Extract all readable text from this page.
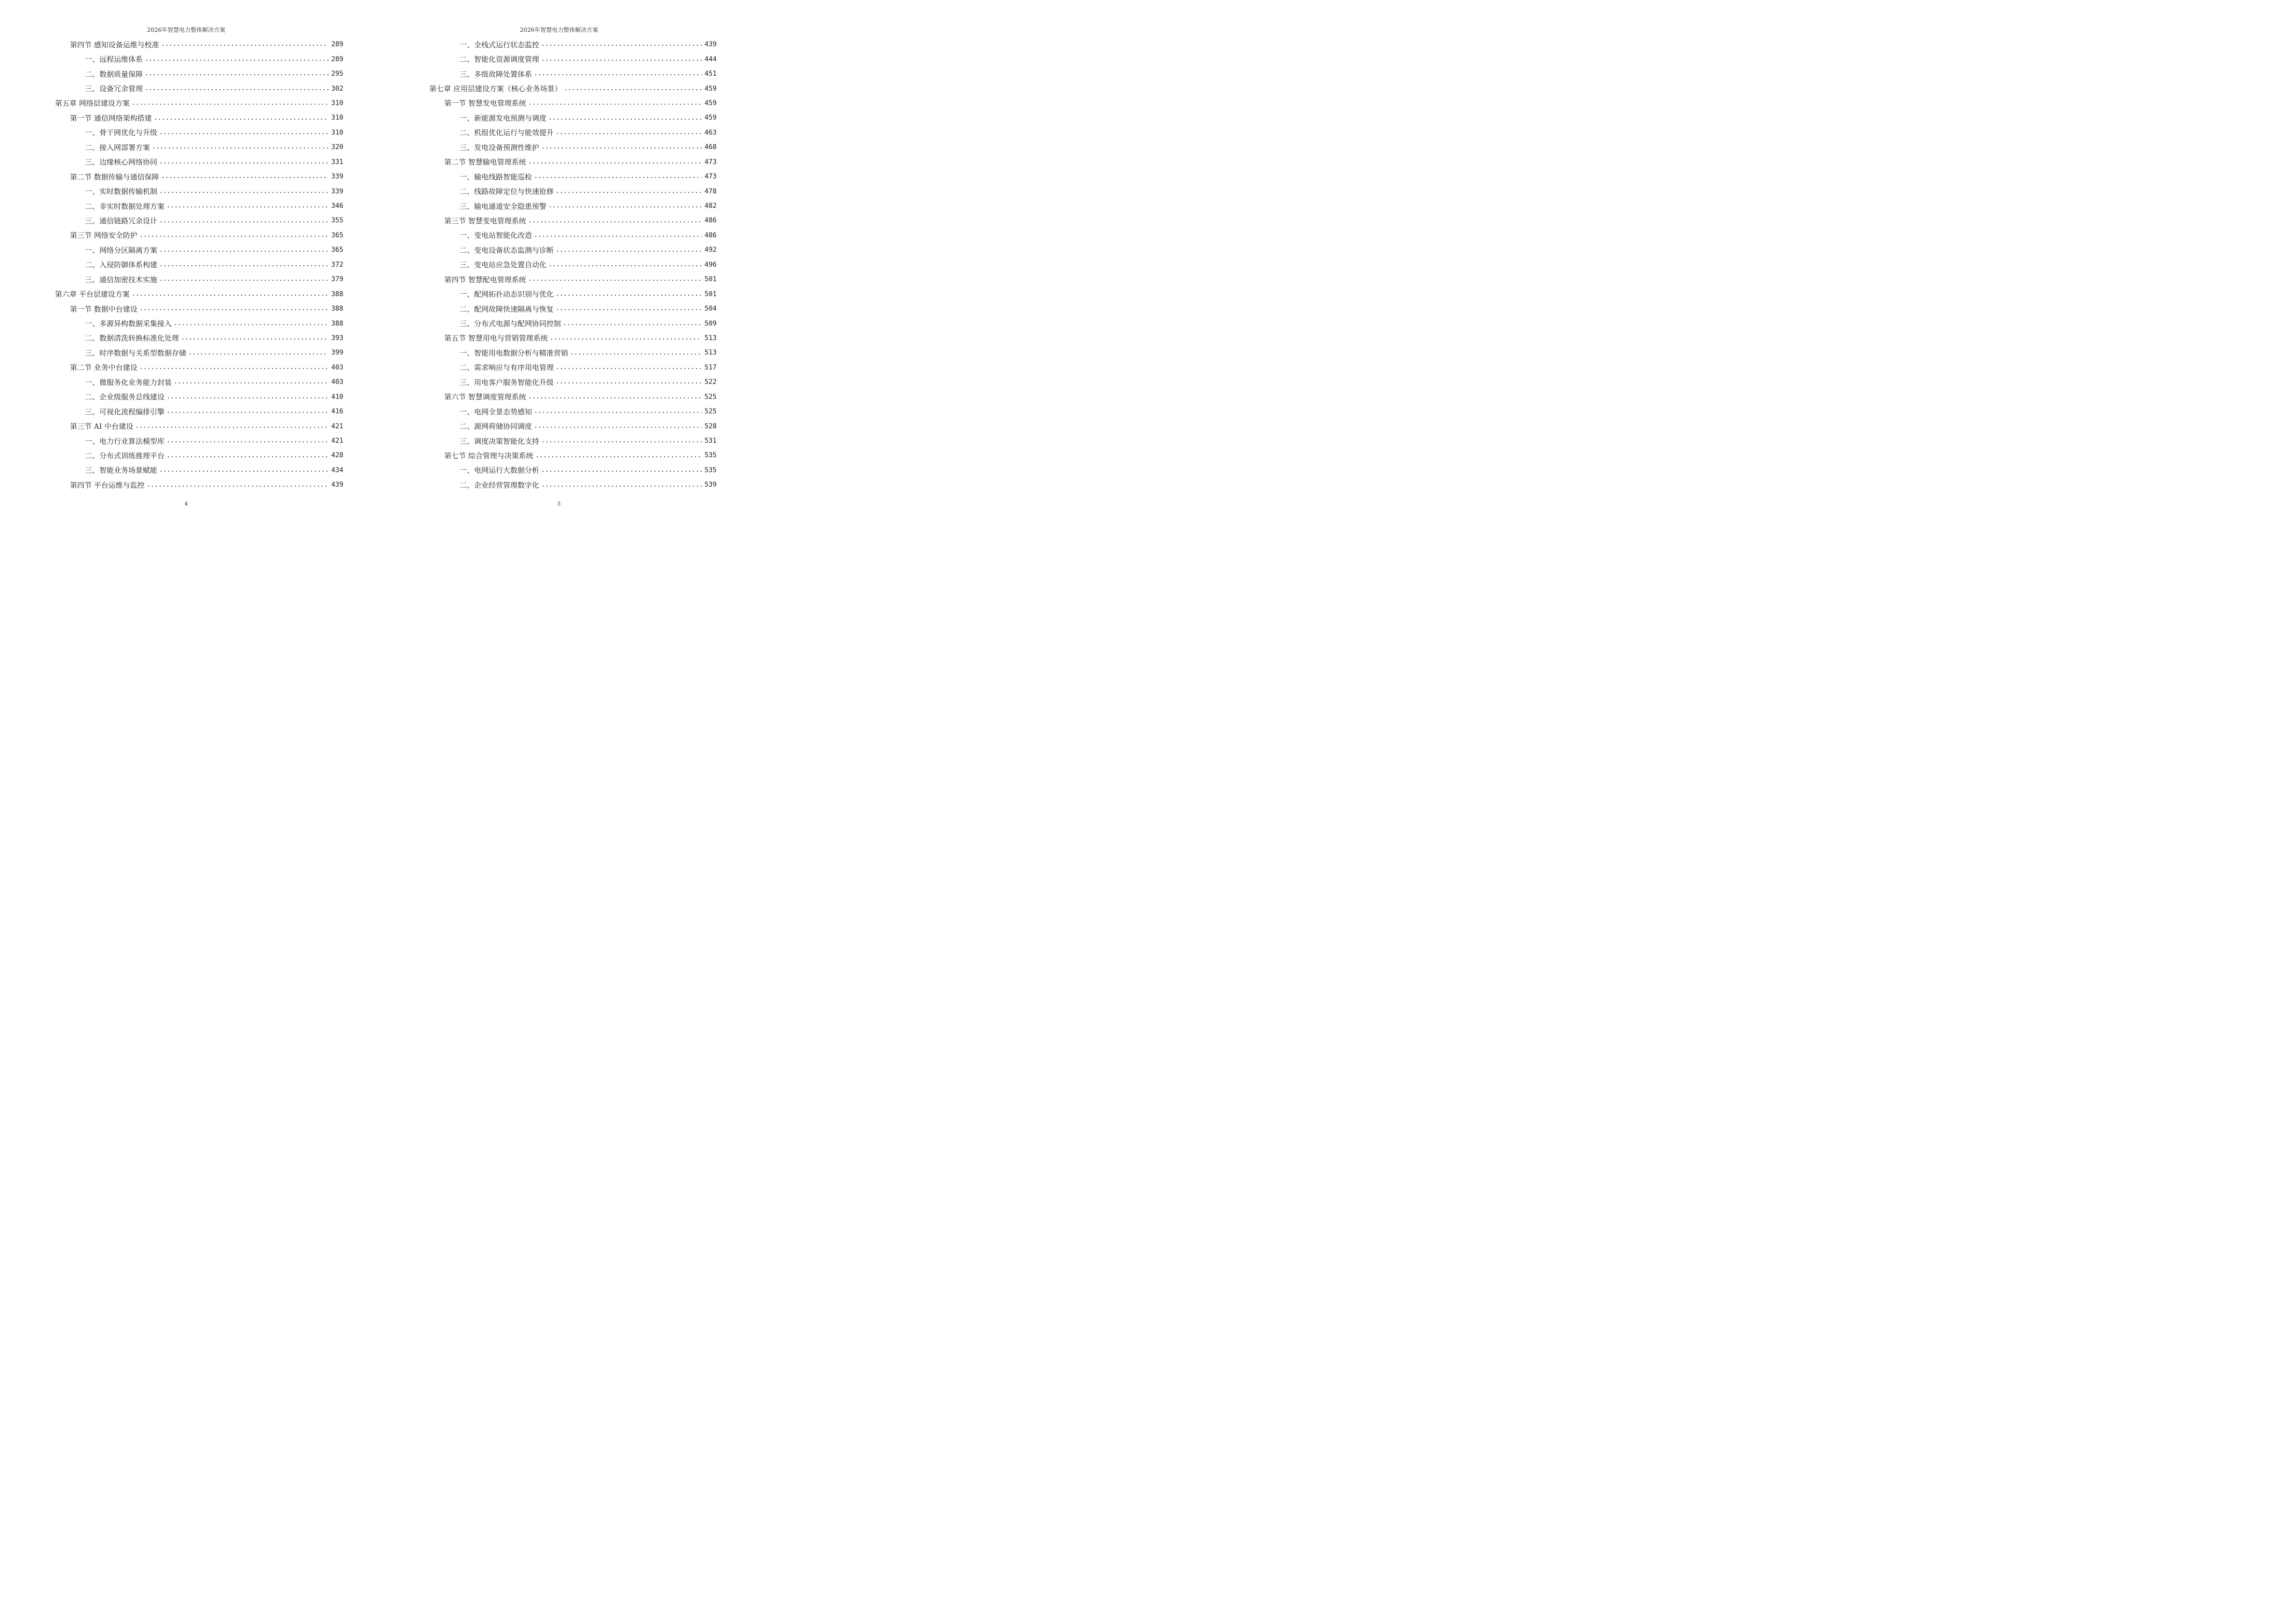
2026年智慧电力整体解决方案
第四节 感知设备运维与校准	289
一、远程运维体系	289
二、数据质量保障	295
三、设备冗余管理	302
第五章 网络层建设方案	310
第一节 通信网络架构搭建	310
一、骨干网优化与升级	310
二、接入网部署方案	320
三、边缘核心网络协同	331
第二节 数据传输与通信保障	339
一、实时数据传输机制	339
二、非实时数据处理方案	346
三、通信链路冗余设计	355
第三节 网络安全防护	365
一、网络分区隔离方案	365
二、入侵防御体系构建	372
三、通信加密技术实施	379
第六章 平台层建设方案	388
第一节 数据中台建设	388
一、多源异构数据采集接入	388
二、数据清洗转换标准化处理	393
三、时序数据与关系型数据存储	399
第二节 业务中台建设	403
一、微服务化业务能力封装	403
二、企业级服务总线建设	410
三、可视化流程编排引擎	416
第三节 AI 中台建设	421
一、电力行业算法模型库	421
二、分布式训练推理平台	428
三、智能业务场景赋能	434
第四节 平台运维与监控	439
4
2026年智慧电力整体解决方案
一、全栈式运行状态监控	439
二、智能化资源调度管理	444
三、多级故障处置体系	451
第七章 应用层建设方案（核心业务场景）	459
第一节 智慧发电管理系统	459
一、新能源发电预测与调度	459
二、机组优化运行与能效提升	463
三、发电设备预测性维护	468
第二节 智慧输电管理系统	473
一、输电线路智能巡检	473
二、线路故障定位与快速抢修	478
三、输电通道安全隐患预警	482
第三节 智慧变电管理系统	486
一、变电站智能化改造	486
二、变电设备状态监测与诊断	492
三、变电站应急处置自动化	496
第四节 智慧配电管理系统	501
一、配网拓扑动态识别与优化	501
二、配网故障快速隔离与恢复	504
三、分布式电源与配网协同控制	509
第五节 智慧用电与营销管理系统	513
一、智能用电数据分析与精准营销	513
二、需求响应与有序用电管理	517
三、用电客户服务智能化升级	522
第六节 智慧调度管理系统	525
一、电网全景态势感知	525
二、源网荷储协同调度	528
三、调度决策智能化支持	531
第七节 综合管理与决策系统	535
一、电网运行大数据分析	535
二、企业经营管理数字化	539
5
